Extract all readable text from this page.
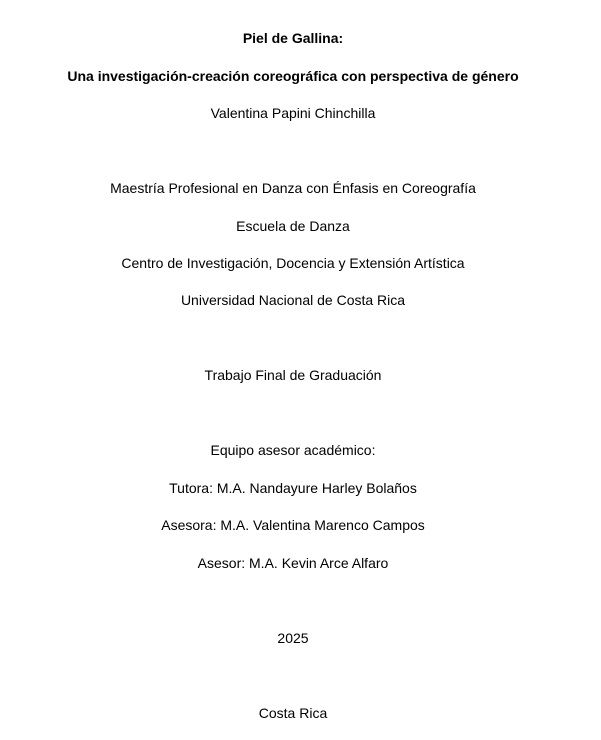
Piel de Gallina:
Una investigación-creación coreográfica con perspectiva de género
Valentina Papini Chinchilla
Maestría Profesional en Danza con Énfasis en Coreografía
Escuela de Danza
Centro de Investigación, Docencia y Extensión Artística
Universidad Nacional de Costa Rica
Trabajo Final de Graduación
Equipo asesor académico:
Tutora: M.A. Nandayure Harley Bolaños
Asesora: M.A. Valentina Marenco Campos
Asesor: M.A. Kevin Arce Alfaro
2025
Costa Rica
